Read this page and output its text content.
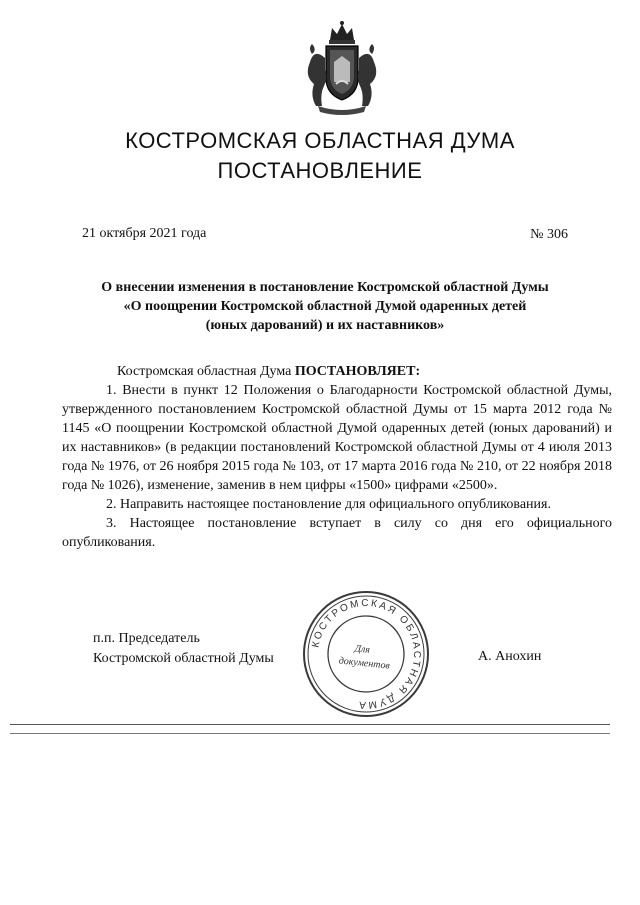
КОСТРОМСКАЯ ОБЛАСТНАЯ ДУМА
ПОСТАНОВЛЕНИЕ
21 октября 2021 года	№ 306
О внесении изменения в постановление Костромской областной Думы
«О поощрении Костромской областной Думой одаренных детей
(юных дарований) и их наставников»

Костромская областная Дума ПОСТАНОВЛЯЕТ:

1. Внести в пункт 12 Положения о Благодарности Костромской областной Думы, утвержденного постановлением Костромской областной Думы от 15 марта 2012 года № 1145 «О поощрении Костромской областной Думой одаренных детей (юных дарований) и их наставников» (в редакции постановлений Костромской областной Думы от 4 июля 2013 года № 1976, от 26 ноября 2015 года № 103, от 17 марта 2016 года № 210, от 22 ноября 2018 года № 1026), изменение, заменив в нем цифры «1500» цифрами «2500».

2. Направить настоящее постановление для официального опубликования.

3. Настоящее постановление вступает в силу со дня его официального опубликования.

п.п. Председатель
Костромской областной Думы	А. Анохин
КОСТРОМСКАЯ ОБЛАСТНАЯ ДУМА
Для
документов
